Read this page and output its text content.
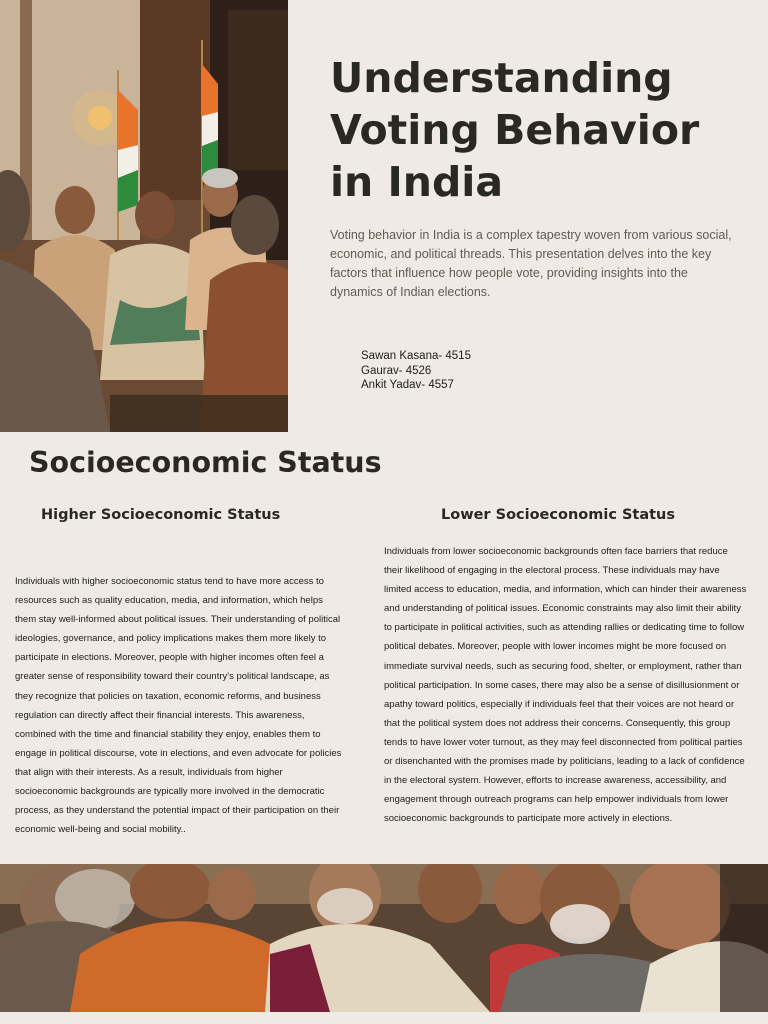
Understanding Voting Behavior in India

Voting behavior in India is a complex tapestry woven from various social, economic, and political threads. This presentation delves into the key factors that influence how people vote, providing insights into the dynamics of Indian elections.

Sawan Kasana- 4515
Gaurav- 4526
Ankit Yadav- 4557
Socioeconomic Status
Higher Socioeconomic Status	Lower Socioeconomic Status

Individuals with higher socioeconomic status tend to have more access to resources such as quality education, media, and information, which helps them stay well-informed about political issues. Their understanding of political ideologies, governance, and policy implications makes them more likely to participate in elections. Moreover, people with higher incomes often feel a greater sense of responsibility toward their country's political landscape, as they recognize that policies on taxation, economic reforms, and business regulation can directly affect their financial interests. This awareness, combined with the time and financial stability they enjoy, enables them to engage in political discourse, vote in elections, and even advocate for policies that align with their interests. As a result, individuals from higher socioeconomic backgrounds are typically more involved in the democratic process, as they understand the potential impact of their participation on their economic well-being and social mobility..

Individuals from lower socioeconomic backgrounds often face barriers that reduce their likelihood of engaging in the electoral process. These individuals may have limited access to education, media, and information, which can hinder their awareness and understanding of political issues. Economic constraints may also limit their ability to participate in political activities, such as attending rallies or dedicating time to follow political debates. Moreover, people with lower incomes might be more focused on immediate survival needs, such as securing food, shelter, or employment, rather than political participation. In some cases, there may also be a sense of disillusionment or apathy toward politics, especially if individuals feel that their voices are not heard or that the political system does not address their concerns. Consequently, this group tends to have lower voter turnout, as they may feel disconnected from political parties or disenchanted with the promises made by politicians, leading to a lack of confidence in the electoral system. However, efforts to increase awareness, accessibility, and engagement through outreach programs can help empower individuals from lower socioeconomic backgrounds to participate more actively in elections.
